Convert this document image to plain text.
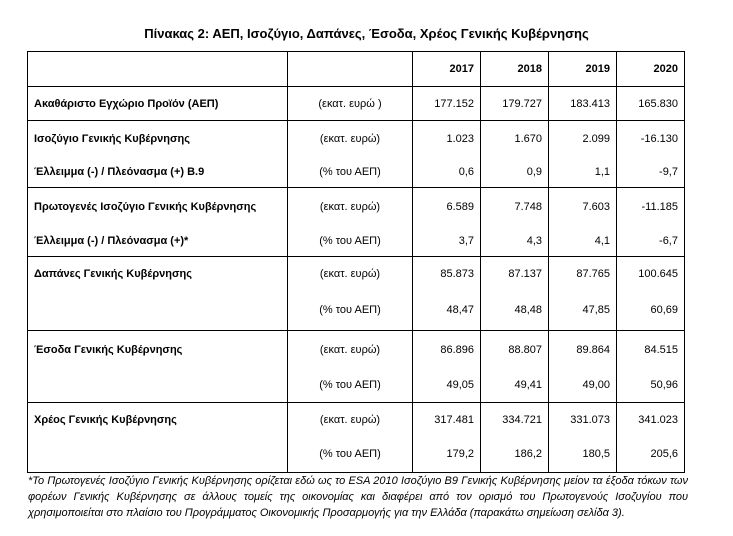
Πίνακας 2: ΑΕΠ, Ισοζύγιο, Δαπάνες, Έσοδα, Χρέος Γενικής Κυβέρνησης
		2017	2018	2019	2020
Ακαθάριστο Εγχώριο Προϊόν (ΑΕΠ)	(εκατ. ευρώ )	177.152	179.727	183.413	165.830
Ισοζύγιο Γενικής Κυβέρνησης	(εκατ. ευρώ)	1.023	1.670	2.099	-16.130
Έλλειμμα (-) / Πλεόνασμα (+) Β.9	(% του ΑΕΠ)	0,6	0,9	1,1	-9,7
Πρωτογενές Ισοζύγιο Γενικής Κυβέρνησης	(εκατ. ευρώ)	6.589	7.748	7.603	-11.185
Έλλειμμα (-) / Πλεόνασμα (+)*	(% του ΑΕΠ)	3,7	4,3	4,1	-6,7
Δαπάνες Γενικής Κυβέρνησης	(εκατ. ευρώ)	85.873	87.137	87.765	100.645
	(% του ΑΕΠ)	48,47	48,48	47,85	60,69
Έσοδα Γενικής Κυβέρνησης	(εκατ. ευρώ)	86.896	88.807	89.864	84.515
	(% του ΑΕΠ)	49,05	49,41	49,00	50,96
Χρέος Γενικής Κυβέρνησης	(εκατ. ευρώ)	317.481	334.721	331.073	341.023
	(% του ΑΕΠ)	179,2	186,2	180,5	205,6
*Το Πρωτογενές Ισοζύγιο Γενικής Κυβέρνησης ορίζεται εδώ ως το ESA 2010 Ισοζύγιο Β9 Γενικής Κυβέρνησης μείον τα έξοδα τόκων των φορέων Γενικής Κυβέρνησης σε άλλους τομείς της οικονομίας και διαφέρει από τον ορισμό του Πρωτογενούς Ισοζυγίου που χρησιμοποιείται στο πλαίσιο του Προγράμματος Οικονομικής Προσαρμογής για την Ελλάδα (παρακάτω σημείωση σελίδα 3).
